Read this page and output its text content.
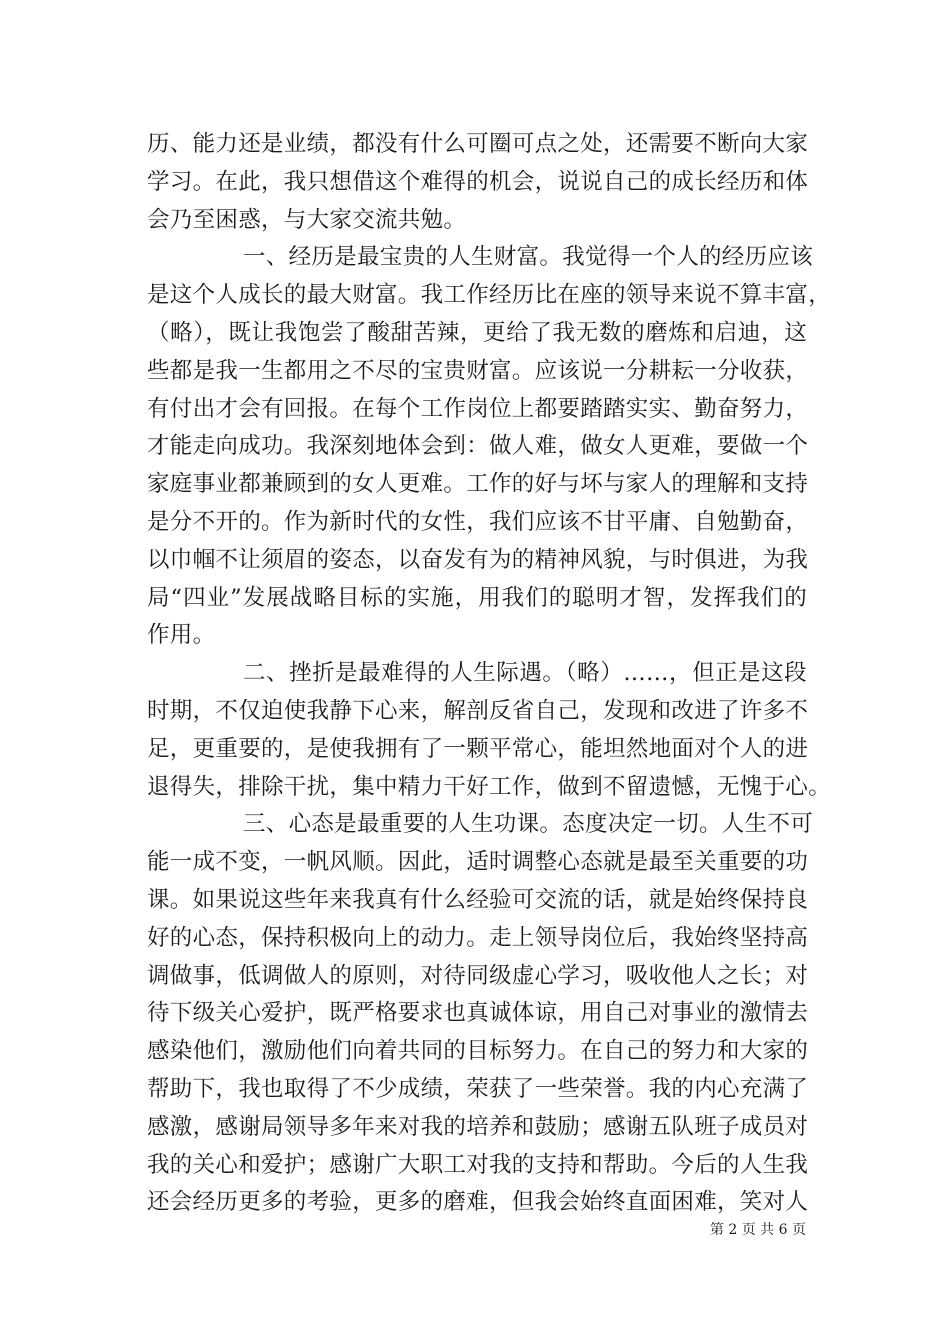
历、能力还是业绩，都没有什么可圈可点之处，还需要不断向大家
学习。在此，我只想借这个难得的机会，说说自己的成长经历和体
会乃至困惑，与大家交流共勉。
一、经历是最宝贵的人生财富。我觉得一个人的经历应该
是这个人成长的最大财富。我工作经历比在座的领导来说不算丰富，
（略），既让我饱尝了酸甜苦辣，更给了我无数的磨炼和启迪，这
些都是我一生都用之不尽的宝贵财富。应该说一分耕耘一分收获，
有付出才会有回报。在每个工作岗位上都要踏踏实实、勤奋努力，
才能走向成功。我深刻地体会到：做人难，做女人更难，要做一个
家庭事业都兼顾到的女人更难。工作的好与坏与家人的理解和支持
是分不开的。作为新时代的女性，我们应该不甘平庸、自勉勤奋，
以巾帼不让须眉的姿态，以奋发有为的精神风貌，与时俱进，为我
局“四业”发展战略目标的实施，用我们的聪明才智，发挥我们的
作用。
二、挫折是最难得的人生际遇。（略）……，但正是这段
时期，不仅迫使我静下心来，解剖反省自己，发现和改进了许多不
足，更重要的，是使我拥有了一颗平常心，能坦然地面对个人的进
退得失，排除干扰，集中精力干好工作，做到不留遗憾，无愧于心。
三、心态是最重要的人生功课。态度决定一切。人生不可
能一成不变，一帆风顺。因此，适时调整心态就是最至关重要的功
课。如果说这些年来我真有什么经验可交流的话，就是始终保持良
好的心态，保持积极向上的动力。走上领导岗位后，我始终坚持高
调做事，低调做人的原则，对待同级虚心学习，吸收他人之长；对
待下级关心爱护，既严格要求也真诚体谅，用自己对事业的激情去
感染他们，激励他们向着共同的目标努力。在自己的努力和大家的
帮助下，我也取得了不少成绩，荣获了一些荣誉。我的内心充满了
感激，感谢局领导多年来对我的培养和鼓励；感谢五队班子成员对
我的关心和爱护；感谢广大职工对我的支持和帮助。今后的人生我
还会经历更多的考验，更多的磨难，但我会始终直面困难，笑对人
第 2 页 共 6 页
